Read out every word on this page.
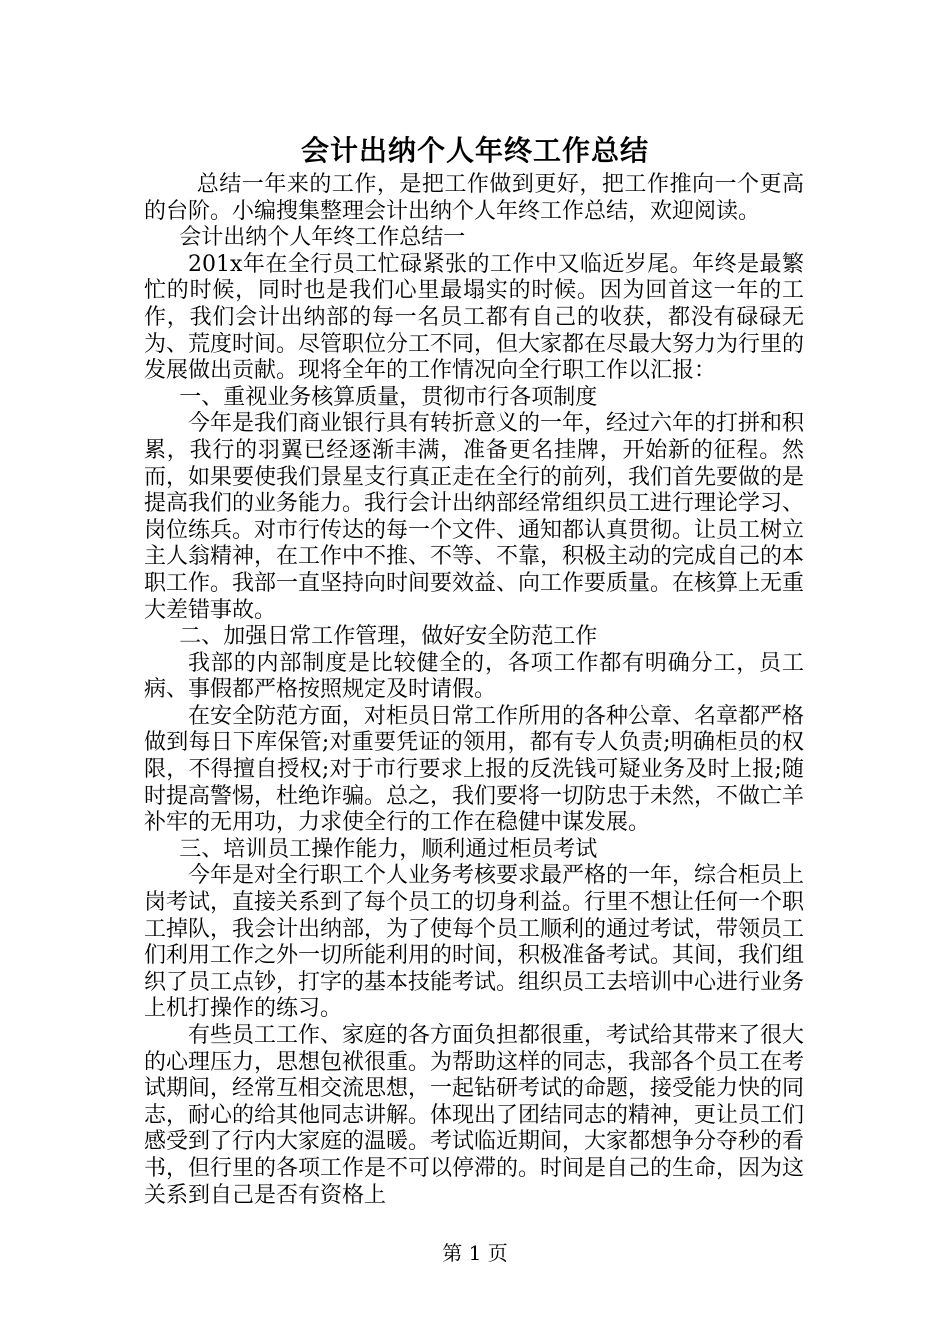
会计出纳个人年终工作总结

总结一年来的工作，是把工作做到更好，把工作推向一个更高的台阶。小编搜集整理会计出纳个人年终工作总结，欢迎阅读。

会计出纳个人年终工作总结一

201x年在全行员工忙碌紧张的工作中又临近岁尾。年终是最繁忙的时候，同时也是我们心里最塌实的时候。因为回首这一年的工作，我们会计出纳部的每一名员工都有自己的收获，都没有碌碌无为、荒度时间。尽管职位分工不同，但大家都在尽最大努力为行里的发展做出贡献。现将全年的工作情况向全行职工作以汇报：

一、重视业务核算质量，贯彻市行各项制度

今年是我们商业银行具有转折意义的一年，经过六年的打拼和积累，我行的羽翼已经逐渐丰满，准备更名挂牌，开始新的征程。然而，如果要使我们景星支行真正走在全行的前列，我们首先要做的是提高我们的业务能力。我行会计出纳部经常组织员工进行理论学习、岗位练兵。对市行传达的每一个文件、通知都认真贯彻。让员工树立主人翁精神，在工作中不推、不等、不靠，积极主动的完成自己的本职工作。我部一直坚持向时间要效益、向工作要质量。在核算上无重大差错事故。

二、加强日常工作管理，做好安全防范工作

我部的内部制度是比较健全的，各项工作都有明确分工，员工病、事假都严格按照规定及时请假。

在安全防范方面，对柜员日常工作所用的各种公章、名章都严格做到每日下库保管;对重要凭证的领用，都有专人负责;明确柜员的权限，不得擅自授权;对于市行要求上报的反洗钱可疑业务及时上报;随时提高警惕，杜绝诈骗。总之，我们要将一切防忠于未然，不做亡羊补牢的无用功，力求使全行的工作在稳健中谋发展。

三、培训员工操作能力，顺利通过柜员考试

今年是对全行职工个人业务考核要求最严格的一年，综合柜员上岗考试，直接关系到了每个员工的切身利益。行里不想让任何一个职工掉队，我会计出纳部，为了使每个员工顺利的通过考试，带领员工们利用工作之外一切所能利用的时间，积极准备考试。其间，我们组织了员工点钞，打字的基本技能考试。组织员工去培训中心进行业务上机打操作的练习。

有些员工工作、家庭的各方面负担都很重，考试给其带来了很大的心理压力，思想包袱很重。为帮助这样的同志，我部各个员工在考试期间，经常互相交流思想，一起钻研考试的命题，接受能力快的同志，耐心的给其他同志讲解。体现出了团结同志的精神，更让员工们感受到了行内大家庭的温暖。考试临近期间，大家都想争分夺秒的看书，但行里的各项工作是不可以停滞的。时间是自己的生命，因为这关系到自己是否有资格上

第 1 页
